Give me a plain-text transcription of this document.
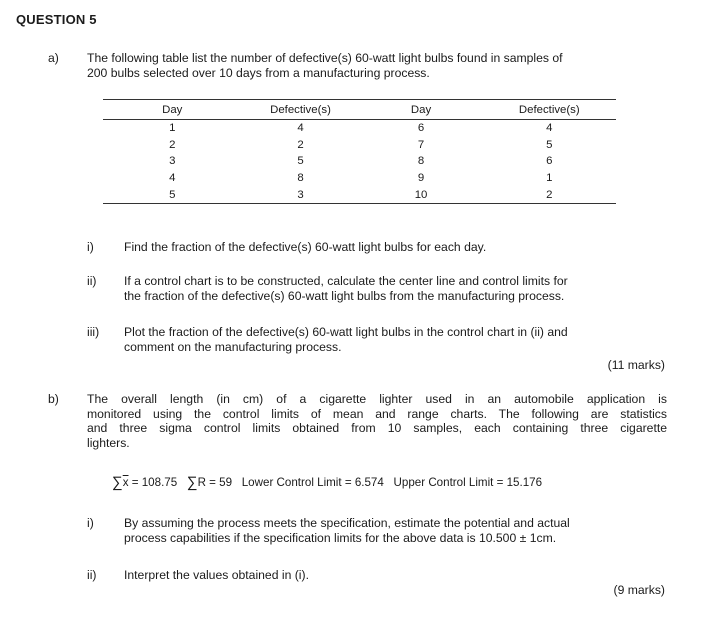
QUESTION 5
a) The following table list the number of defective(s) 60-watt light bulbs found in samples of
200 bulbs selected over 10 days from a manufacturing process.
Day	Defective(s)	Day	Defective(s)
1	4	6	4
2	2	7	5
3	5	8	6
4	8	9	1
5	3	10	2
i) Find the fraction of the defective(s) 60-watt light bulbs for each day.
ii) If a control chart is to be constructed, calculate the center line and control limits for
the fraction of the defective(s) 60-watt light bulbs from the manufacturing process.
iii) Plot the fraction of the defective(s) 60-watt light bulbs in the control chart in (ii) and
comment on the manufacturing process.
(11 marks)
b) The overall length (in cm) of a cigarette lighter used in an automobile application is
monitored using the control limits of mean and range charts. The following are statistics
and three sigma control limits obtained from 10 samples, each containing three cigarette
lighters.
$\sum\overline{x} = 108.75$ ∑R = 59 Lower Control Limit = 6.574 Upper Control Limit = 15.176
i) By assuming the process meets the specification, estimate the potential and actual
process capabilities if the specification limits for the above data is 10.500 ± 1cm.
ii) Interpret the values obtained in (i).
(9 marks)
